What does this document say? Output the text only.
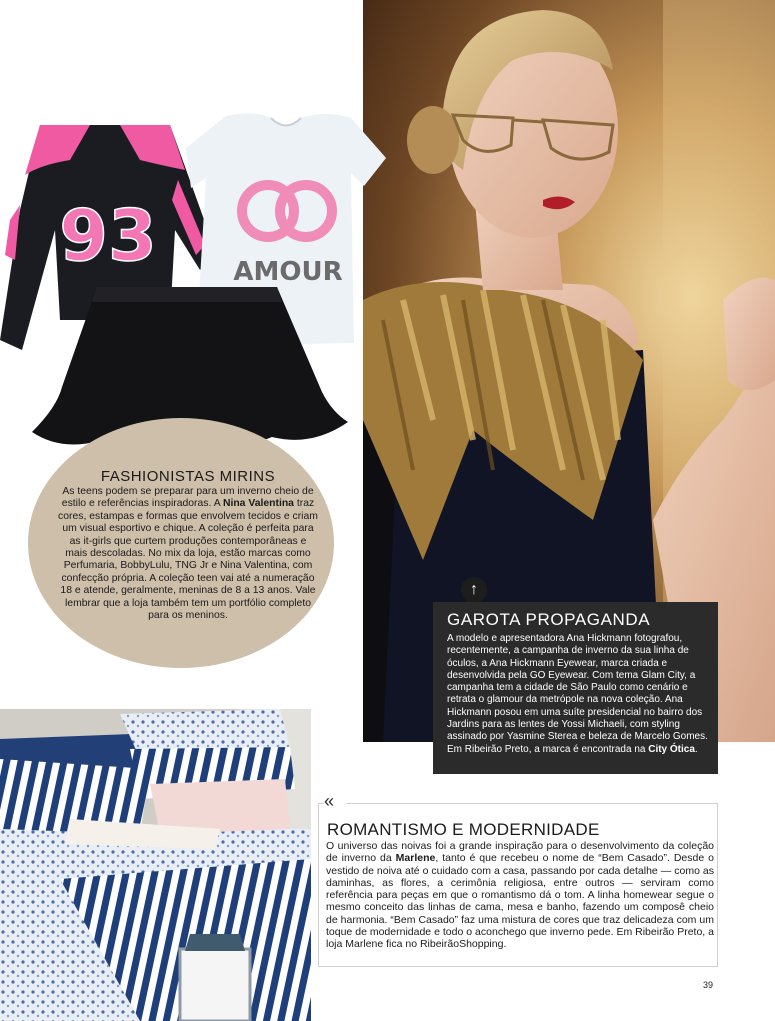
93	AMOUR

FASHIONISTAS MIRINS

As teens podem se preparar para um inverno cheio de estilo e referências inspiradoras. A Nina Valentina traz cores, estampas e formas que envolvem tecidos e criam um visual esportivo e chique. A coleção é perfeita para as it-girls que curtem produções contemporâneas e mais descoladas. No mix da loja, estão marcas como Perfumaria, BobbyLulu, TNG Jr e Nina Valentina, com confecção própria. A coleção teen vai até a numeração 18 e atende, geralmente, meninas de 8 a 13 anos. Vale lembrar que a loja também tem um portfólio completo para os meninos.

↑
GAROTA PROPAGANDA
A modelo e apresentadora Ana Hickmann fotografou, recentemente, a campanha de inverno da sua linha de óculos, a Ana Hickmann Eyewear, marca criada e desenvolvida pela GO Eyewear. Com tema Glam City, a campanha tem a cidade de São Paulo como cenário e retrata o glamour da metrópole na nova coleção. Ana Hickmann posou em uma suíte presidencial no bairro dos Jardins para as lentes de Yossi Michaeli, com styling assinado por Yasmine Sterea e beleza de Marcelo Gomes. Em Ribeirão Preto, a marca é encontrada na City Ótica.
«
ROMANTISMO E MODERNIDADE
O universo das noivas foi a grande inspiração para o desenvolvimento da coleção de inverno da Marlene, tanto é que recebeu o nome de “Bem Casado”. Desde o vestido de noiva até o cuidado com a casa, passando por cada detalhe — como as daminhas, as flores, a cerimônia religiosa, entre outros — serviram como referência para peças em que o romantismo dá o tom. A linha homewear segue o mesmo conceito das linhas de cama, mesa e banho, fazendo um composê cheio de harmonia. “Bem Casado” faz uma mistura de cores que traz delicadeza com um toque de modernidade e todo o aconchego que inverno pede. Em Ribeirão Preto, a loja Marlene fica no RibeirãoShopping.
39
